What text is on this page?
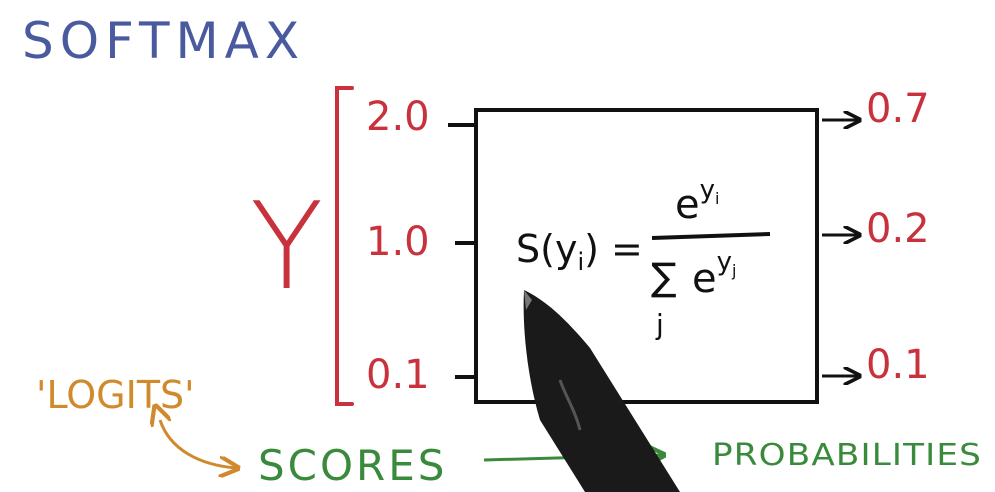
SOFTMAX
Y
2.0
1.0
0.1
$S(y_i)$ =
$e^yi$
∑
j
$e^yj$
0.7
0.2
0.1
'LOGITS'
SCORES	PROBABILITIES
